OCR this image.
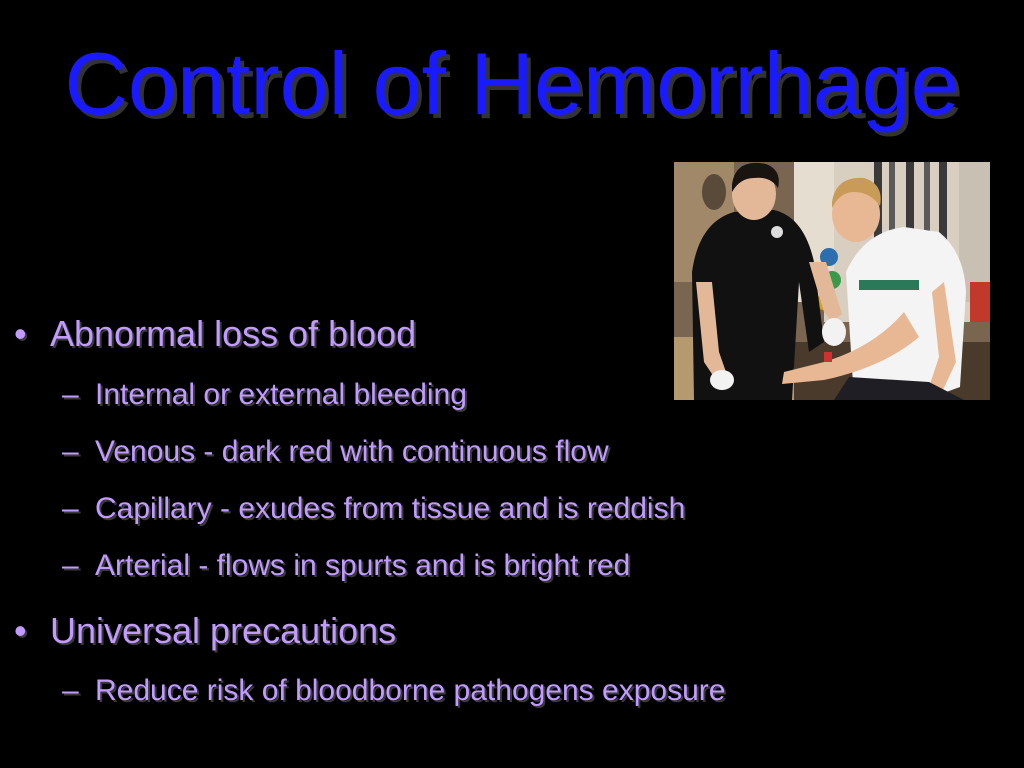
Control of Hemorrhage
• Abnormal loss of blood
– Internal or external bleeding
– Venous - dark red with continuous flow
– Capillary - exudes from tissue and is reddish
– Arterial - flows in spurts and is bright red
• Universal precautions
– Reduce risk of bloodborne pathogens exposure
